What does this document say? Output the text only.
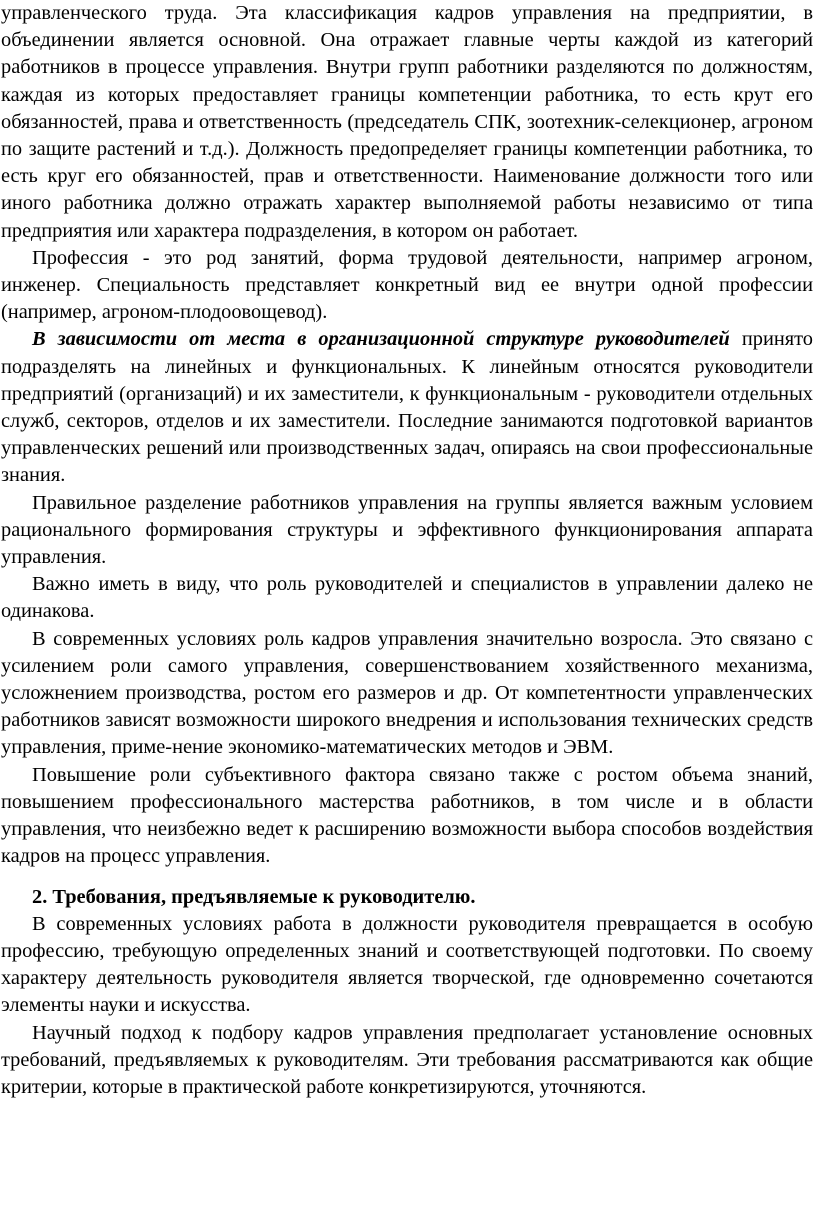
управленческого труда. Эта классификация кадров управления на предприятии, в объединении является основной. Она отражает главные черты каждой из категорий работников в процессе управления. Внутри групп работники разделяются по должностям, каждая из которых предоставляет границы компетенции работника, то есть крут его обязанностей, права и ответственность (председатель СПК, зоотехник-селекционер, агроном по защите растений и т.д.). Должность предопределяет границы компетенции работника, то есть круг его обязанностей, прав и ответственности. Наименование должности того или иного работника должно отражать характер выполняемой работы независимо от типа предприятия или характера подразделения, в котором он работает.

Профессия - это род занятий, форма трудовой деятельности, например агроном, инженер. Специальность представляет конкретный вид ее внутри одной профессии (например, агроном-плодоовощевод).

В зависимости от места в организационной структуре руководителей принято подразделять на линейных и функциональных. К линейным относятся руководители предприятий (организаций) и их заместители, к функциональным - руководители отдельных служб, секторов, отделов и их заместители. Последние занимаются подготовкой вариантов управленческих решений или производственных задач, опираясь на свои профессиональные знания.

Правильное разделение работников управления на группы является важным условием рационального формирования структуры и эффективного функционирования аппарата управления.

Важно иметь в виду, что роль руководителей и специалистов в управлении далеко не одинакова.

В современных условиях роль кадров управления значительно возросла. Это связано с усилением роли самого управления, совершенствованием хозяйственного механизма, усложнением производства, ростом его размеров и др. От компетентности управленческих работников зависят возможности широкого внедрения и использования технических средств управления, приме-нение экономико-математических методов и ЭВМ.

Повышение роли субъективного фактора связано также с ростом объема знаний, повышением профессионального мастерства работников, в том числе и в области управления, что неизбежно ведет к расширению возможности выбора способов воздействия кадров на процесс управления.

2. Требования, предъявляемые к руководителю.

В современных условиях работа в должности руководителя превращается в особую профессию, требующую определенных знаний и соответствующей подготовки. По своему характеру деятельность руководителя является творческой, где одновременно сочетаются элементы науки и искусства.

Научный подход к подбору кадров управления предполагает установление основных требований, предъявляемых к руководителям. Эти требования рассматриваются как общие критерии, которые в практической работе конкретизируются, уточняются.
